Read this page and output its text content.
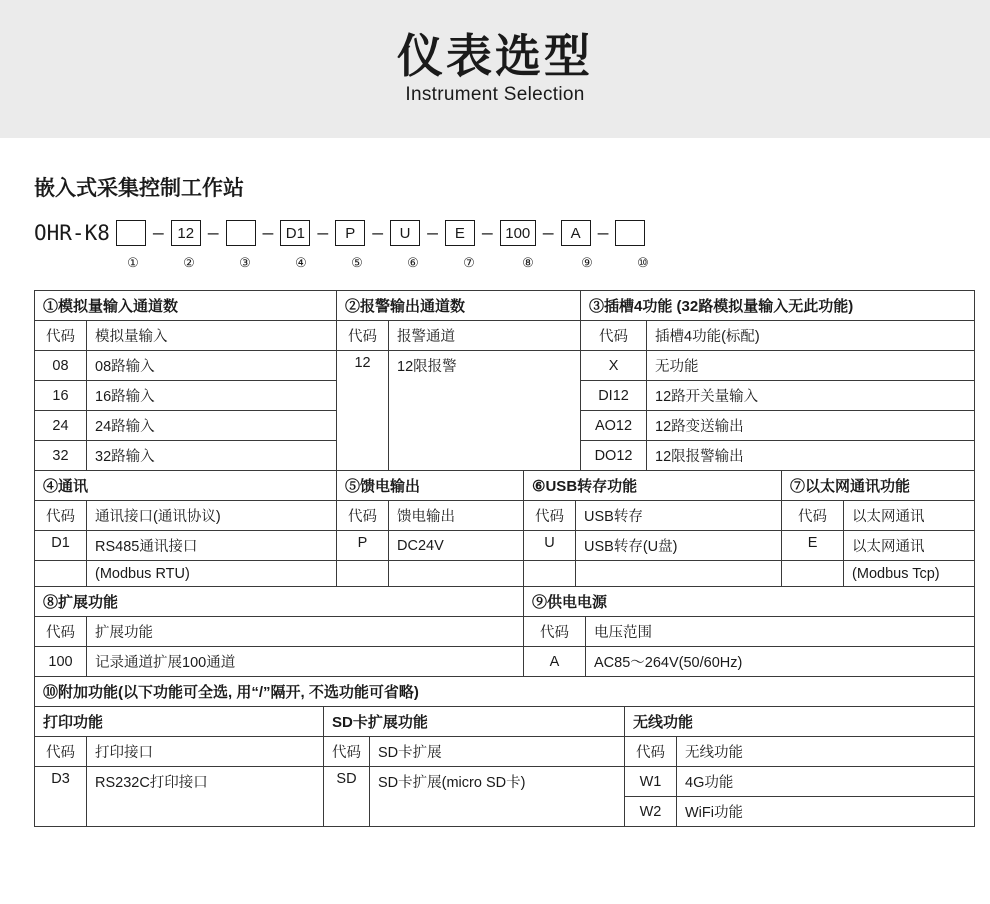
仪表选型
Instrument Selection
嵌入式采集控制工作站
OHR-K8	— 12 —	— D1 —	P —	U —	E — 100 —	A —
①	②	③	④	⑤	⑥	⑦	⑧	⑨	⑩
①模拟量输入通道数		②报警输出通道数		③插槽4功能 (32路模拟量输入无此功能)	
代码	模拟量输入	代码	报警通道	代码	插槽4功能(标配)
08	08路输入	12	12限报警	X	无功能
16	16路输入			DI12	12路开关量输入
24	24路输入			AO12	12路变送输出
32	32路输入			DO12	12限报警输出
④通讯		⑤馈电输出		⑥USB转存功能		⑦以太网通讯功能	
代码	通讯接口(通讯协议)	代码	馈电输出	代码	USB转存	代码	以太网通讯
D1	RS485通讯接口	P	DC24V	U	USB转存(U盘)	E	以太网通讯
	(Modbus RTU)						(Modbus Tcp)
⑧扩展功能		⑨供电电源	
代码	扩展功能	代码	电压范围
100	记录通道扩展100通道	A	AC85～264V(50/60Hz)
⑩附加功能(以下功能可全选, 用“/”隔开, 不选功能可省略)					
打印功能		SD卡扩展功能		无线功能	
代码	打印接口	代码	SD卡扩展	代码	无线功能
D3	RS232C打印接口	SD	SD卡扩展(micro SD卡)	W1	4G功能
				W2	WiFi功能
